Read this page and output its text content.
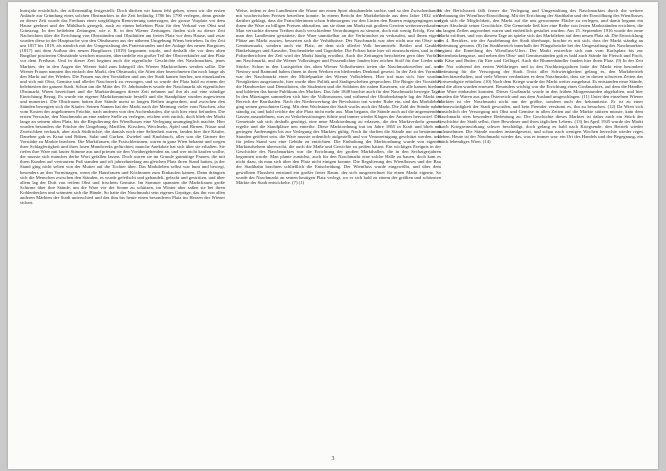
burtsjahr ersichtlich, der ziffernmäßig festgestellt. Doch dürften wir kaum fehl gehen, wenn wir die ersten Anläufe zur Gründung eines solchen Obstmarktes in die Zeit beiläufig 1786 bis 1790 verlegen, denn gerade zu dieser Zeit wurde das Freihaus einer sorgfältigen Renovierung unterzogen, der grosse Vorplatz vor dem Hause geebnet und der Mühlbach geregelt, auch zu einem beliebten Platz für den Verkauf von Obst und Grünzeug. In den beliebten Zeitungen, wie z. B. in den Wiener Zeitungen, finden sich zu dieser Zeit Nachrichten über die Errichtung von Obstständen und Obsthütten am freien Platz vor dem Hause, und zwar wurden diese in der Hauptsache von den Obstbauern aus der näheren Umgebung Wiens betrieben. In der Zeit um 1817 bis 1819, als nämlich mit der Umgestaltung des Praterstrandes und der Anlage des neuen Burgtores (1817) mit dem Aufbau des neuen Burgthores (1819) begonnen wurde, und deshalb die vor dem alten Burgthor postierten Obststände weichen mussten, übersiedelte ein großer Teil der Obstverkäufer auf den Platz vor dem Freihaus. Und in dieser Zeit beginnt auch die eigentliche Geschichte des Naschmarktes, jenes Marktes, der in den Augen der Wiener bald zum Inbegriff des Wiener Markttreibens werden sollte. Die Wiener Frauen nannten ihn einfach den Markt, den Obstmarkt, die Alten aber bezeichneten ihn noch lange als den Markt auf der Wieden. Die Frauen aus den Vorstädten und aus der Stadt kamen hierher, um einzukaufen und sich mit Obst, Gemüse und allerlei Naschwerk zu versorgen, und so wurde der Platz bald zu einem der belebtesten der ganzen Stadt. Schon um die Mitte des 19. Jahrhunderts wurde der Naschmarkt als eigentlicher Obstmarkt Wiens bezeichnet und die Marktordnungen dieser Zeit nehmen auf ihn als auf eine ständige Einrichtung Bezug. Es wurde ein eigener Marktkommissär bestellt und die Standplätze wurden zugewiesen und numeriert. Die Obstfrauen hatten ihre Stände meist in langen Reihen angeordnet, und zwischen den Ständen bewegten sich die Käufer. Seinen Namen hat der Markt nach der Meinung vieler vom Naschen, also vom Kosten der angebotenen Früchte, nach anderen von den Aschenhaufen, die sich hier einst befanden. Die ersten Versuche, den Naschmarkt an eine andere Stelle zu verlegen, reichen weit zurück, doch blieb der Markt lange an seinem alten Platz, bis die Regulierung des Wienflusses eine Verlegung unumgänglich machte. Hier wurden besonders die Früchte der Umgebung, Marillen, Kirschen, Weichseln, Äpfel und Birnen, Nüsse und Zwetschken verkauft, aber auch Südfrüchte, die damals noch eine Seltenheit waren, fanden hier ihre Käufer. Daneben gab es Kraut und Rüben, Salat und Gurken, Zwiebel und Knoblauch, alles was die Gärtner der Vorstädte zu Markte brachten. Die Marktfrauen, die Fratschlerinnen, waren in ganz Wien bekannt und wegen ihrer Schlagfertigkeit und ihres losen Mundwerks gefürchtet; manche Anekdote hat sich über sie erhalten. Sie riefen ihre Ware mit lauter Stimme aus und priesen sie den Vorübergehenden an, und wer nicht kaufen wollte, der musste sich manches derbe Wort gefallen lassen. Doch waren sie im Grunde gutmütige Frauen, die mit ihren Kunden auf vertrautem Fuß standen und oft jahrzehntelang am gleichen Platz ihren Stand hatten, ja der Stand ging nicht selten von der Mutter auf die Tochter über. Das Marktleben selbst war bunt und bewegt, besonders an den Vormittagen, wenn die Hausfrauen und Köchinnen zum Einkaufen kamen. Dann drängten sich die Menschen zwischen den Ständen, es wurde gefeilscht und gehandelt, gelacht und gestritten, und über allem lag der Duft von reifem Obst und frischem Gemüse. Im Sommer spannten die Marktfrauen große Schirme über ihre Stände, um die Ware vor der Sonne zu schützen, im Winter aber saßen sie bei ihren Kohlenbecken und wärmten sich die Hände. So hatte der Naschmarkt sein eigenes Gepräge, das ihn von allen anderen Märkten der Stadt unterschied und das ihm bis heute einen besonderen Platz im Herzen der Wiener sichert.

Weise, indem er den Landleuten die Waare um einen Spott abzuhandeln suchte, und so den Zwischenhandel mit wucherischen Preisen betreiben konnte. In einem Bericht der Marktbehörde aus dem Jahre 1832 wird darüber geklagt, dass die Fratschlerinnen schon frühmorgens vor den Linien den Bauern entgegengingen und ihnen die Ware zu billigen Preisen abkauften, um sie dann am Markt mit großem Gewinn weiterzuverkaufen. Man versuchte diesem Treiben durch verschiedene Verordnungen zu steuern, doch mit wenig Erfolg. Erst als man den Landleuten gestattete, ihre Ware unmittelbar an die Verbraucher zu verkaufen, und ihnen eigene Plätze am Markt zuwies, besserten sich die Verhältnisse. Der Naschmarkt war aber nicht nur ein Obst- und Gemüsemarkt, sondern auch ein Platz, an dem sich allerlei Volk herumtrieb: Bettler und Gaukler, Bänkelsänger und Ausrufer, Taschendiebe und Tagediebe. Die Polizei hatte hier oft einzuschreiten, und in den Polizeiberichten der Zeit wird der Markt häufig erwähnt. Auch die Zeitungen berichteten gern über Vorfälle am Naschmarkt, und die Wiener Volkssänger und Possendichter fanden hier reichen Stoff für ihre Lieder und Stücke. Schon in den Lustspielen des alten Wiener Volkstheaters treten die Naschmarktweiber auf, und Nestroy und Raimund haben ihnen in ihren Werken ein bleibendes Denkmal gesetzt. In der Zeit des Vormärz war der Naschmarkt einer der Mittelpunkte des Wiener Volkslebens. Hier traf man sich, hier wurden Neuigkeiten ausgetauscht, hier wurde über Politik und Stadtgeschehen gesprochen. Die Bürger der Vorstädte, die Handwerker und Dienstboten, die Studenten und die Soldaten der nahen Kasernen, sie alle kamen hierher und bildeten das bunte Publikum des Marktes. Das Jahr 1848 brachte auch für den Naschmarkt bewegte Tage. In den Märztagen sammelten sich hier die Volksmassen, und während der Oktoberkämpfe lag der Markt im Bereich der Barrikaden. Nach der Niederwerfung der Revolution trat wieder Ruhe ein, und das Marktleben ging seinen gewohnten Gang. Mit dem Wachstum der Stadt wuchs auch der Markt. Die Zahl der Stände nahm ständig zu, und bald reichte der alte Platz nicht mehr aus. Man begann, die Stände auch auf die angrenzenden Gassen auszudehnen, was zu Verkehrsstörungen führte und immer wieder Klagen der Anrainer hervorrief. Die Gemeinde sah sich deshalb genötigt, eine neue Marktordnung zu erlassen, die den Marktverkehr genauer regelte und die Standplätze neu einteilte. Diese Marktordnung trat im Jahre 1865 in Kraft und blieb mit geringen Änderungen bis zur Verlegung des Marktes gültig. Nach ihr durften die Stände nur zu bestimmten Stunden geöffnet sein, die Ware musste ordentlich aufgestellt und vor Verunreinigung geschützt werden, und für jeden Stand war eine Gebühr zu entrichten. Die Einhaltung der Marktordnung wurde von eigenen Marktaufsehern überwacht, die auch die Maße und Gewichte zu prüfen hatten. Ein wichtiges Ereignis in der Geschichte des Naschmarktes war die Errichtung der großen Markthallen, die in den Sechzigerjahren begonnen wurde. Man plante zunächst, auch für den Naschmarkt eine solche Halle zu bauen, doch kam es nicht dazu, da man sich über den Platz nicht einigen konnte. Die Regulierung des Wienflusses und der Bau der Stadtbahn brachten schließlich die Entscheidung. Der Wienfluss wurde eingewölbt, und über dem gewölbten Flussbett entstand ein großer freier Raum, der sich ausgezeichnet für einen Markt eignete. So wurde der Naschmarkt an seinen heutigen Platz verlegt, wo er sich bald zu einem der größten und schönsten Märkte der Stadt entwickelte. (7) (1)

In der Berichtszeit fällt ferner die Verlegung und Umgestaltung des Naschmarktes durch die weitere Verbauung der Wienfluss-Einwölbung. Mit der Errichtung der Stadtbahn und der Einwölbung des Wienflusses ergab sich die Möglichkeit, den Markt auf die neu gewonnene Fläche zu verlegen, und damit begann ein neuer Abschnitt seiner Geschichte. Die Gemeinde ließ hier eine Reihe von festen Marktständen errichten, die in langen Zeilen angeordnet waren und einheitlich gestaltet wurden. Am 15. September 1916 wurde der neue Markt eröffnet, und von diesem Tage an spielte sich das Marktleben auf dem neuen Platz ab. Die Entwicklung des 4. Bezirkes, wie der Ausdehnung der Stadt überhaupt, brachte es mit sich, dass der Markt ständig an Bedeutung gewann. (8) Im Stadtbereich innerhalb der Pfingstbrücke bei der Umgestaltung des Naschmarktes beginnt die Einteilung des Wienfluss-Ufers. Der Markt erstreckte sich nun vom Karlsplatz bis zur Kettenbrückengasse, und neben den Obst- und Gemüseständen gab es bald auch Stände für Fleisch und Fisch, für Käse und Butter, für Eier und Geflügel. Auch die Blumenhändler fanden hier ihren Platz. (9) In der Zeit der Not während des ersten Weltkrieges und in den Nachkriegsjahren hatte der Markt eine besondere Bedeutung für die Versorgung der Stadt. Trotz aller Schwierigkeiten gelang es, den Marktbetrieb aufrechtzuerhalten, und viele Wiener verdankten es dem Naschmarkt, dass sie in diesen schweren Zeiten das Notwendigste erhielten. (10) Nach dem Kriege wurde der Markt weiter ausgebaut. Es entstanden neue Stände, und die alten wurden erneuert. Besonders wichtig war die Errichtung eines Großmarktes, auf dem die Händler ihre Ware einkaufen konnten. Dieser Großmarkt wurde in den frühen Morgenstunden abgehalten, und hier wurden die Waren aus ganz Österreich und aus dem Ausland umgeschlagen. (11) Unter den einzelnen Wiener Märkten ist der Naschmarkt nicht nur der größte, sondern auch der bekannteste. Er ist zu einer Sehenswürdigkeit der Stadt geworden, und kein Fremder versäumt es, ihn zu besuchen. (12) Da Wien sich hinsichtlich der Versorgung mit Obst und Gemüse in allen Zeiten auf die Märkte stützen musste, kam dem Naschmarkt stets besondere Bedeutung zu. Die Geschichte dieses Marktes ist daher auch ein Stück der Geschichte der Stadt selbst, ihrer Bewohner und ihres täglichen Lebens. (13) Im April 1945 wurde der Markt durch Kriegseinwirkung schwer beschädigt, doch gelang es bald nach Kriegsende, den Betrieb wieder aufzunehmen. Die Stände wurden instandgesetzt, und schon nach wenigen Wochen herrschte wieder reges Leben. Heute ist der Naschmarkt wieder das, was er immer war: ein Ort des Handels und der Begegnung, ein Stück lebendiges Wien. (14)

3
